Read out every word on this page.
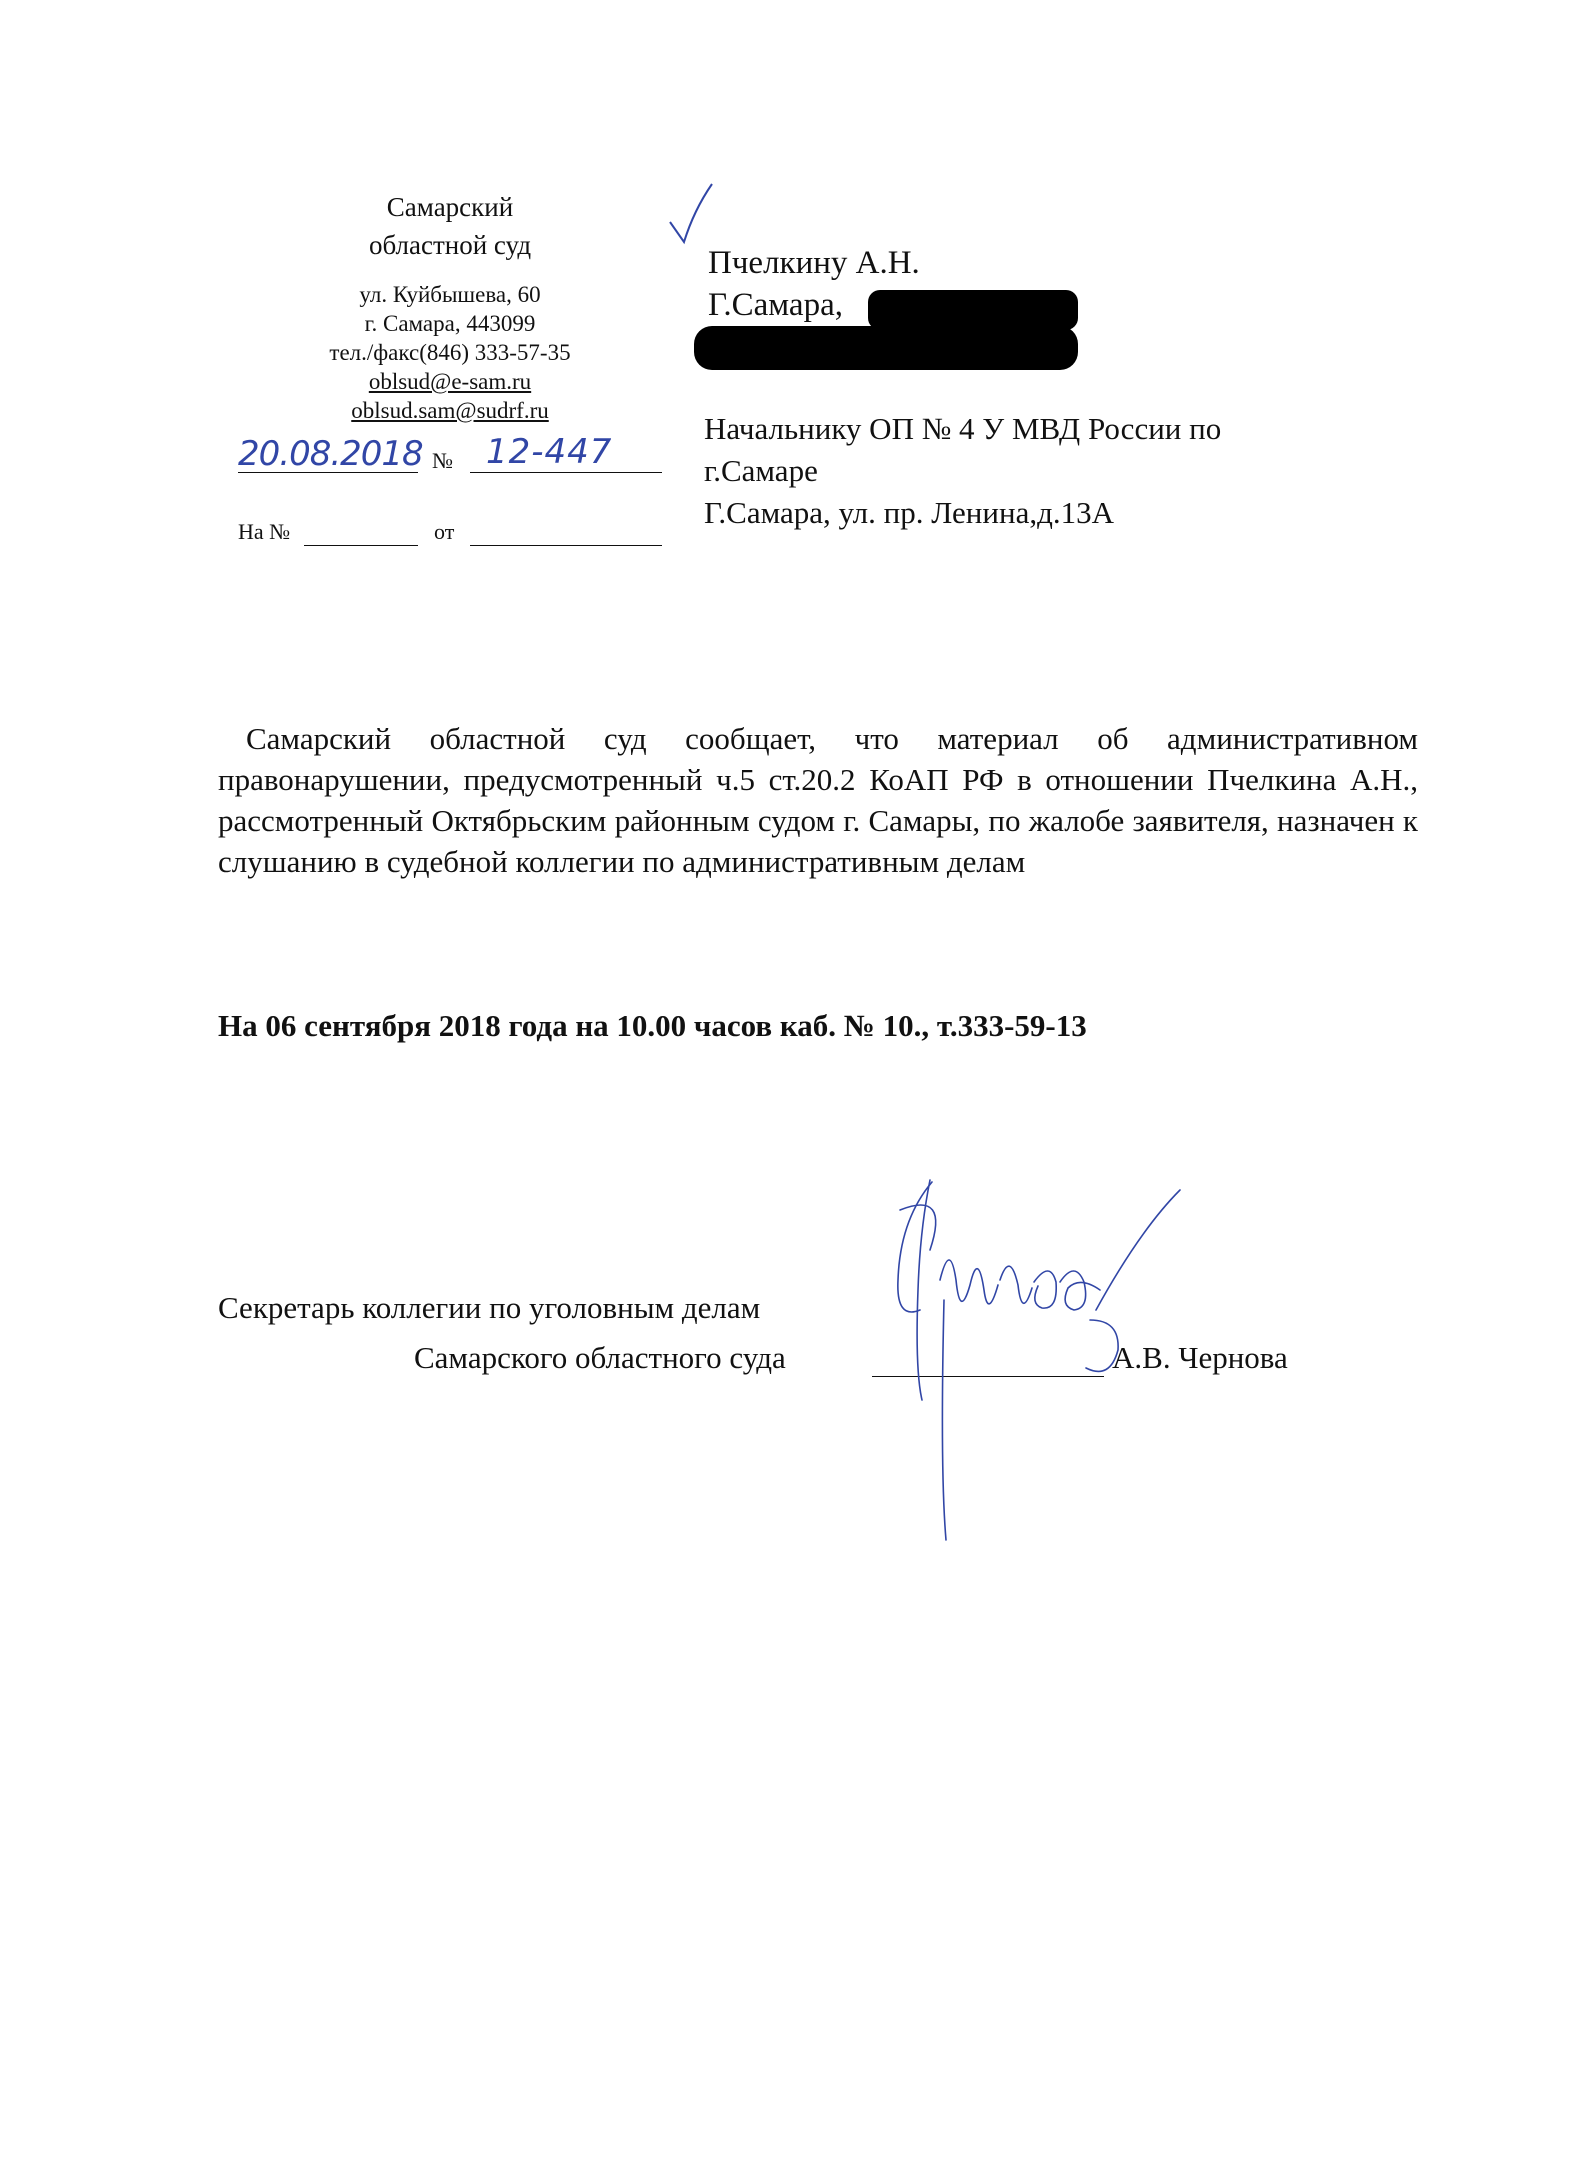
Самарский
областной суд
ул. Куйбышева, 60
г. Самара, 443099
тел./факс(846) 333-57-35
oblsud@e-sam.ru
oblsud.sam@sudrf.ru
20.08.2018 № 12-447
На №	от
Пчелкину А.Н.
Г.Самара,
Начальнику ОП № 4 У МВД России по
г.Самаре
Г.Самара, ул. пр. Ленина,д.13А
Самарский областной суд сообщает, что материал об административном правонарушении, предусмотренный ч.5 ст.20.2 КоАП РФ в отношении Пчелкина А.Н., рассмотренный Октябрьским районным судом г. Самары, по жалобе заявителя, назначен к слушанию в судебной коллегии по административным делам
На 06 сентября 2018 года на 10.00 часов каб. № 10., т.333-59-13
Секретарь коллегии по уголовным делам
Самарского областного суда	А.В. Чернова
